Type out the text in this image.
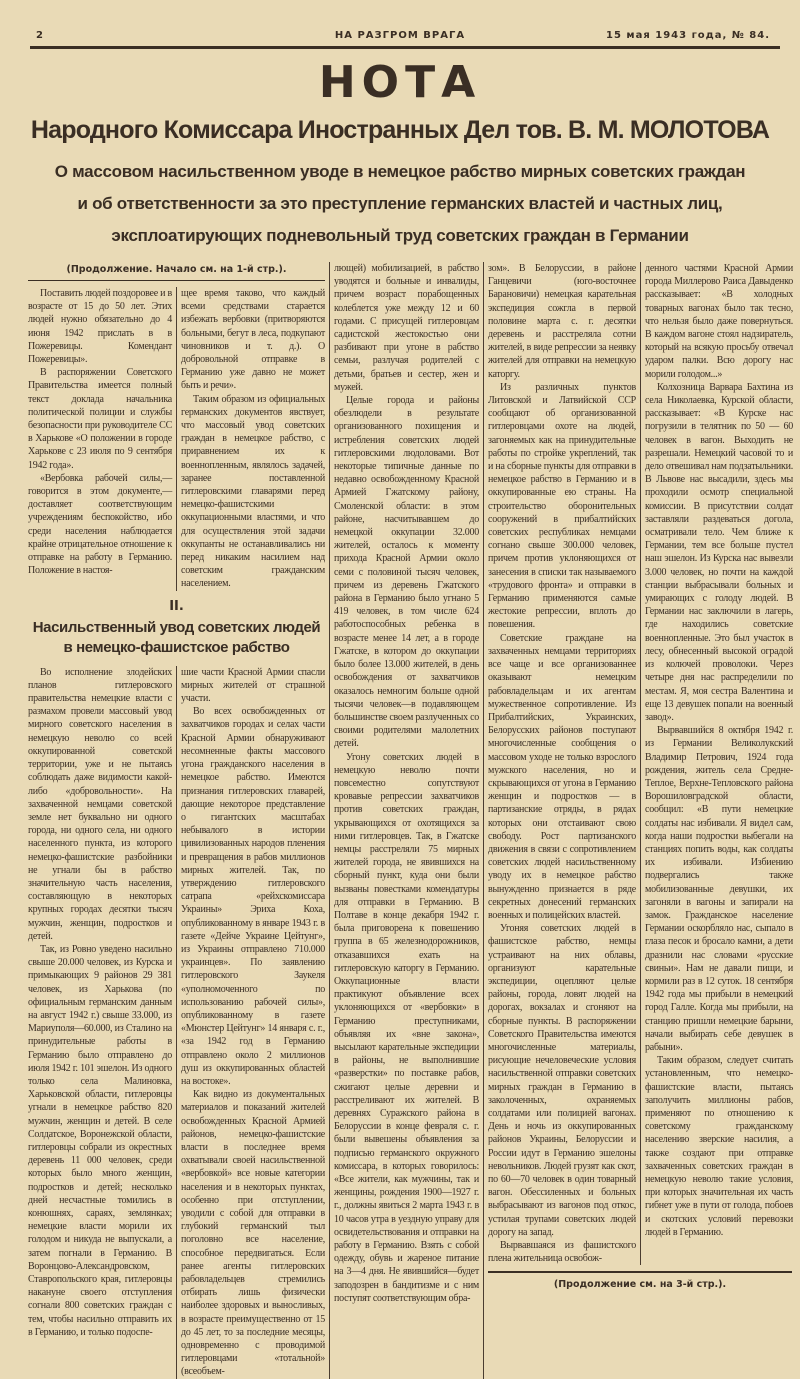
2	НА РАЗГРОМ ВРАГА	15 мая 1943 года, № 84.
НОТА
Народного Комиссара Иностранных Дел тов. В. М. МОЛОТОВА
О массовом насильственном уводе в немецкое рабство мирных советских граждан
и об ответственности за это преступление германских властей и частных лиц,
эксплоатирующих подневольный труд советских граждан в Германии
(Продолжение. Начало см. на 1-й стр.).

Поставить людей поздоровее и в возрасте от 15 до 50 лет. Этих людей нужно обязательно до 4 июня 1942 прислать в в Пожеревицы. Комендант Пожеревицы».

В распоряжении Советского Правительства имеется полный текст доклада начальника политической полиции и службы безопасности при руководителе СС в Харькове «О положении в городе Харькове с 23 июля по 9 сентября 1942 года».

«Вербовка рабочей силы,— говорится в этом документе,— доставляет соответствующим учреждениям беспокойство, ибо среди населения наблюдается крайне отрицательное отношение к отправке на работу в Германию. Положение в настоя-

щее время таково, что каждый всеми средствами старается избежать вербовки (притворяются больными, бегут в леса, подкупают чиновников и т. д.). О добровольной отправке в Германию уже давно не может быть и речи».

Таким образом из официальных германских документов явствует, что массовый увод советских граждан в немецкое рабство, с приравнением их к военнопленным, являлось задачей, заранее поставленной гитлеровскими главарями перед немецко-фашистскими оккупационными властями, и что для осуществления этой задачи оккупанты не останавливались ни перед никаким насилием над советским гражданским населением.

II.
Насильственный увод советских людей в немецко-фашистское рабство

Во исполнение злодейских планов гитлеровского правительства немецкие власти с размахом провели массовый увод мирного советского населения в немецкую неволю со всей оккупированной советской территории, уже и не пытаясь соблюдать даже видимости какой-либо «добровольности». На захваченной немцами советской земле нет буквально ни одного города, ни одного села, ни одного населенного пункта, из которого немецко-фашистские разбойники не угнали бы в рабство значительную часть населения, составляющую в некоторых крупных городах десятки тысяч мужчин, женщин, подростков и детей.

Так, из Ровно уведено насильно свыше 20.000 человек, из Курска и примыкающих 9 районов 29 381 человек, из Харькова (по официальным германским данным на август 1942 г.) свыше 33.000, из Мариуполя—60.000, из Сталино на принудительные работы в Германию было отправлено до июля 1942 г. 101 эшелон. Из одного только села Малиновка, Харьковской области, гитлеровцы угнали в немецкое рабство 820 мужчин, женщин и детей. В селе Солдатское, Воронежской области, гитлеровцы собрали из окрестных деревень 11 000 человек, среди которых было много женщин, подростков и детей; несколько дней несчастные томились в конюшнях, сараях, землянках; немецкие власти морили их голодом и никуда не выпускали, а затем погнали в Германию. В Воронцово-Александровском, Ставропольского края, гитлеровцы накануне своего отступления согнали 800 советских граждан с тем, чтобы насильно отправить их в Германию, и только подоспе-

шие части Красной Армии спасли мирных жителей от страшной участи.

Во всех освобожденных от захватчиков городах и селах части Красной Армии обнаруживают несомненные факты массового угона гражданского населения в немецкое рабство. Имеются признания гитлеровских главарей, дающие некоторое представление о гигантских масштабах небывалого в истории цивилизованных народов пленения и превращения в рабов миллионов мирных жителей. Так, по утверждению гитлеровского сатрапа «рейхскомиссара Украины» Эриха Коха, опубликованному в январе 1943 г. в газете «Дейче Украине Цейтунг», из Украины отправлено 710.000 украинцев». По заявлению гитлеровского Заукеля «уполномоченного по использованию рабочей силы», опубликованному в газете «Мюнстер Цейтунг» 14 января с. г., «за 1942 год в Германию отправлено около 2 миллионов душ из оккупированных областей на востоке».

Как видно из документальных материалов и показаний жителей освобожденных Красной Армией районов, немецко-фашистские власти в последнее время охватывали своей насильственной «вербовкой» все новые категории населения и в некоторых пунктах, особенно при отступлении, уводили с собой для отправки в глубокий германский тыл поголовно все население, способное передвигаться. Если ранее агенты гитлеровских рабовладельцев стремились отбирать лишь физически наиболее здоровых и выносливых, в возрасте преимущественно от 15 до 45 лет, то за последние месяцы, одновременно с проводимой гитлеровцами «тотальной» (всеобъем-

лющей) мобилизацией, в рабство уводятся и больные и инвалиды, причем возраст порабощенных колеблется уже между 12 и 60 годами. С присущей гитлеровцам садистской жестокостью они разбивают при угоне в рабство семьи, разлучая родителей с детьми, братьев и сестер, жен и мужей.

Целые города и районы обезлюдели в результате организованного похищения и истребления советских людей гитлеровскими людоловами. Вот некоторые типичные данные по недавно освобожденному Красной Армией Гжатскому району, Смоленской области: в этом районе, насчитывавшем до немецкой оккупации 32.000 жителей, осталось к моменту прихода Красной Армии около семи с половиной тысяч человек, причем из деревень Гжатского района в Германию было угнано 5 419 человек, в том числе 624 работоспособных ребенка в возрасте менее 14 лет, а в городе Гжатске, в котором до оккупации было более 13.000 жителей, в день освобождения от захватчиков оказалось немногим больше одной тысячи человек—в подавляющем большинстве своем разлученных со своими родителями малолетних детей.

Угону советских людей в немецкую неволю почти повсеместно сопутствуют кровавые репрессии захватчиков против советских граждан, укрывающихся от охотящихся за ними гитлеровцев. Так, в Гжатске немцы расстреляли 75 мирных жителей города, не явившихся на сборный пункт, куда они были вызваны повестками комендатуры для отправки в Германию. В Полтаве в конце декабря 1942 г. была приговорена к повешению группа в 65 железнодорожников, отказавшихся ехать на гитлеровскую каторгу в Германию. Оккупационные власти практикуют объявление всех уклоняющихся от «вербовки» в Германию преступниками, объявляя их «вне закона», высылают карательные экспедиции в районы, не выполнившие «разверстки» по поставке рабов, сжигают целые деревни и расстреливают их жителей. В деревнях Суражского района в Белоруссии в конце февраля с. г. были вывешены объявления за подписью германского окружного комиссара, в которых говорилось: «Все жители, как мужчины, так и женщины, рождения 1900—1927 г. г., должны явиться 2 марта 1943 г. в 10 часов утра в уездную управу для освидетельствования и отправки на работу в Германию. Взять с собой одежду, обувь и жареное питание на 3—4 дня. Не явившийся—будет заподозрен в бандитизме и с ним поступят соответствующим обра-

зом». В Белоруссии, в районе Ганцевичи (юго-восточнее Барановичи) немецкая карательная экспедиция сожгла в первой половине марта с. г. десятки деревень и расстреляла сотни жителей, в виде репрессии за неявку жителей для отправки на немецкую каторгу.

Из различных пунктов Литовской и Латвийской ССР сообщают об организованной гитлеровцами охоте на людей, загоняемых как на принудительные работы по стройке укреплений, так и на сборные пункты для отправки в немецкое рабство в Германию и в оккупированные ею страны. На строительство оборонительных сооружений в прибалтийских советских республиках немцами согнано свыше 300.000 человек, причем против уклоняющихся от занесения в списки так называемого «трудового фронта» и отправки в Германию применяются самые жестокие репрессии, вплоть до повешения.

Советские граждане на захваченных немцами территориях все чаще и все организованнее оказывают немецким рабовладельцам и их агентам мужественное сопротивление. Из Прибалтийских, Украинских, Белорусских районов поступают многочисленные сообщения о массовом уходе не только взрослого мужского населения, но и скрывающихся от угона в Германию женщин и подростков — в партизанские отряды, в рядах которых они отстаивают свою свободу. Рост партизанского движения в связи с сопротивлением советских людей насильственному уводу их в немецкое рабство вынужденно признается в ряде секретных донесений германских военных и полицейских властей.

Угоняя советских людей в фашистское рабство, немцы устраивают на них облавы, организуют карательные экспедиции, оцепляют целые районы, города, ловят людей на дорогах, вокзалах и сгоняют на сборные пункты. В распоряжении Советского Правительства имеются многочисленные материалы, рисующие нечеловеческие условия насильственной отправки советских мирных граждан в Германию в заколоченных, охраняемых солдатами или полицией вагонах. День и ночь из оккупированных районов Украины, Белоруссии и России идут в Германию эшелоны невольников. Людей грузят как скот, по 60—70 человек в один товарный вагон. Обессиленных и больных выбрасывают из вагонов под откос, устилая трупами советских людей дорогу на запад.

Вырвавшаяся из фашистского плена жительница освобож-

денного частями Красной Армии города Миллерово Раиса Давыденко рассказывает: «В холодных товарных вагонах было так тесно, что нельзя было даже повернуться. В каждом вагоне стоял надзиратель, который на всякую просьбу отвечал ударом палки. Всю дорогу нас морили голодом...»

Колхозница Варвара Бахтина из села Николаевка, Курской области, рассказывает: «В Курске нас погрузили в телятник по 50 — 60 человек в вагон. Выходить не разрешали. Немецкий часовой то и дело отвешивал нам подзатыльники. В Львове нас высадили, здесь мы проходили осмотр специальной комиссии. В присутствии солдат заставляли раздеваться догола, осматривали тело. Чем ближе к Германии, тем все больше пустел наш эшелон. Из Курска нас вывезли 3.000 человек, но почти на каждой станции выбрасывали больных и умирающих с голоду людей. В Германии нас заключили в лагерь, где находились советские военнопленные. Это был участок в лесу, обнесенный высокой оградой из колючей проволоки. Через четыре дня нас распределили по местам. Я, моя сестра Валентина и еще 13 девушек попали на военный завод».

Вырвавшийся 8 октября 1942 г. из Германии Великолукский Владимир Петрович, 1924 года рождения, житель села Средне-Теплое, Верхне-Тепловского района Ворошиловградской области, сообщил: «В пути немецкие солдаты нас избивали. Я видел сам, когда наши подростки выбегали на станциях попить воды, как солдаты их избивали. Избиению подвергались также мобилизованные девушки, их загоняли в вагоны и запирали на замок. Гражданское население Германии оскорбляло нас, сыпало в глаза песок и бросало камни, а дети дразнили нас словами «русские свиньи». Нам не давали пищи, и кормили раз в 12 суток. 18 сентября 1942 года мы прибыли в немецкий город Галле. Когда мы прибыли, на станцию пришли немецкие барыни, начали выбирать себе девушек в рабыни».

Таким образом, следует считать установленным, что немецко-фашистские власти, пытаясь заполучить миллионы рабов, применяют по отношению к советскому гражданскому населению зверские насилия, а также создают при отправке захваченных советских граждан в немецкую неволю такие условия, при которых значительная их часть гибнет уже в пути от голода, побоев и скотских условий перевозки людей в Германию.

(Продолжение см. на 3-й стр.).
